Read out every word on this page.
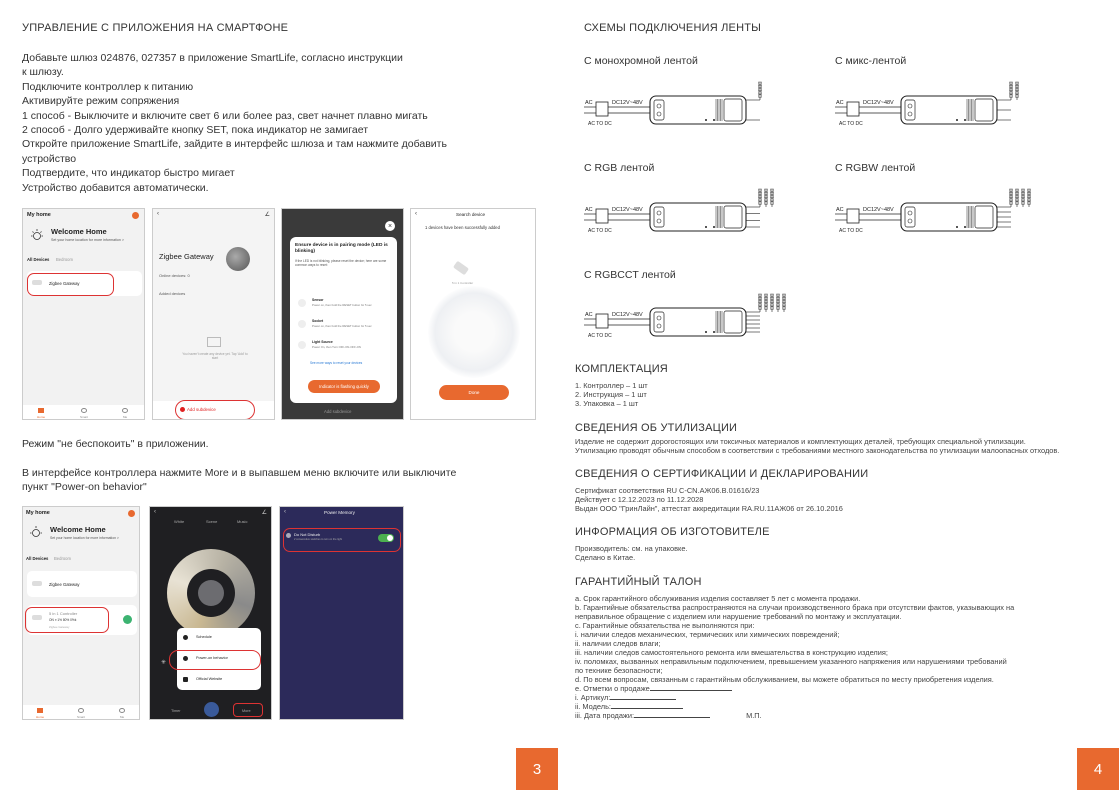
УПРАВЛЕНИЕ С ПРИЛОЖЕНИЯ НА СМАРТФОНЕ
Добавьте шлюз 024876, 027357 в приложение SmartLife, согласно инструкции
к шлюзу.
Подключите контроллер к питанию
Активируйте режим сопряжения
1 способ - Выключите и включите свет 6 или более раз, свет начнет плавно мигать
2 способ - Долго удерживайте кнопку SET, пока индикатор не замигает
Откройте приложение SmartLife, зайдите в интерфейс шлюза и там нажмите добавить
устройство
Подтвердите, что индикатор быстро мигает
Устройство добавится автоматически.
My home
Welcome Home
Set your home location for more information >
All Devices Bedroom
Zigbee Gateway
Home	Smart	Me
‹	∠
Zigbee Gateway
Online devices: 0
Added devices
You haven't create any device yet. Tap 'Add' to start
Add subdevice
×
Ensure device is in pairing mode (LED is blinking)
If the LED is not blinking, please reset the device; here are some common ways to reset:
Sensor
Power on, then hold the RESET button for 5 sec
Socket
Power on, then hold the RESET button for 5 sec
Light Source
Power On, then Turn OFF-ON-OFF-ON
See more ways to reset your devices
Indicator is flashing quickly
Add subdevice
‹	Search device
1 devices have been successfully added
5 in 1 Controller
Done
Режим "не беспокоить" в приложении.
В интерфейсе контроллера нажмите More и в выпавшем меню включите или выключите
пункт "Power-on behavior"
My home
Welcome Home
Set your home location for more information >
All Devices Bedroom
Zigbee Gateway
5 in 1 Controller
ON ✦1% 80% 0%k
Zigbee Gateway
Home	Smart	Me
‹	∠
White	Scene	Music
✳
Schedule
Power-on behavior
Official Website
Timer	More
‹	Power Memory
Do Not Disturb
2 consecutive switches to turn on the light
3
СХЕМЫ ПОДКЛЮЧЕНИЯ ЛЕНТЫ
С монохромной лентой	С микс-лентой
С RGB лентой	С RGBW лентой
С RGBCCT лентой
AC
AC TO DC
DC12V~48V	AC
AC TO DC
DC12V~48V
AC
AC TO DC
DC12V~48V	AC
AC TO DC
DC12V~48V
AC
AC TO DC
DC12V~48V
КОМПЛЕКТАЦИЯ
1. Контроллер – 1 шт
2. Инструкция – 1 шт
3. Упаковка – 1 шт
СВЕДЕНИЯ ОБ УТИЛИЗАЦИИ
Изделие не содержит дорогостоящих или токсичных материалов и комплектующих деталей, требующих специальной утилизации.
Утилизацию проводят обычным способом в соответствии с требованиями местного законодательства по утилизации малоопасных отходов.
СВЕДЕНИЯ О СЕРТИФИКАЦИИ И ДЕКЛАРИРОВАНИИ
Сертификат соответствия RU C-CN.АЖ06.В.01616/23
Действует с 12.12.2023 по 11.12.2028
Выдан ООО "ГринЛайн", аттестат аккредитации RA.RU.11АЖ06 от 26.10.2016
ИНФОРМАЦИЯ ОБ ИЗГОТОВИТЕЛЕ
Производитель: см. на упаковке.
Сделано в Китае.
ГАРАНТИЙНЫЙ ТАЛОН
a. Срок гарантийного обслуживания изделия составляет 5 лет с момента продажи.
b. Гарантийные обязательства распространяются на случаи производственного брака при отсутствии фактов, указывающих на
неправильное обращение с изделием или нарушение требований по монтажу и эксплуатации.
c. Гарантийные обязательства не выполняются при:
i. наличии следов механических, термических или химических повреждений;
ii. наличии следов влаги;
iii. наличии следов самостоятельного ремонта или вмешательства в конструкцию изделия;
iv. поломках, вызванных неправильным подключением, превышением указанного напряжения или нарушениями требований
по технике безопасности;
d. По всем вопросам, связанным с гарантийным обслуживанием, вы можете обратиться по месту приобретения изделия.
e. Отметки о продаже
i. Артикул:
ii. Модель:
iii. Дата продажи:	М.П.
4
